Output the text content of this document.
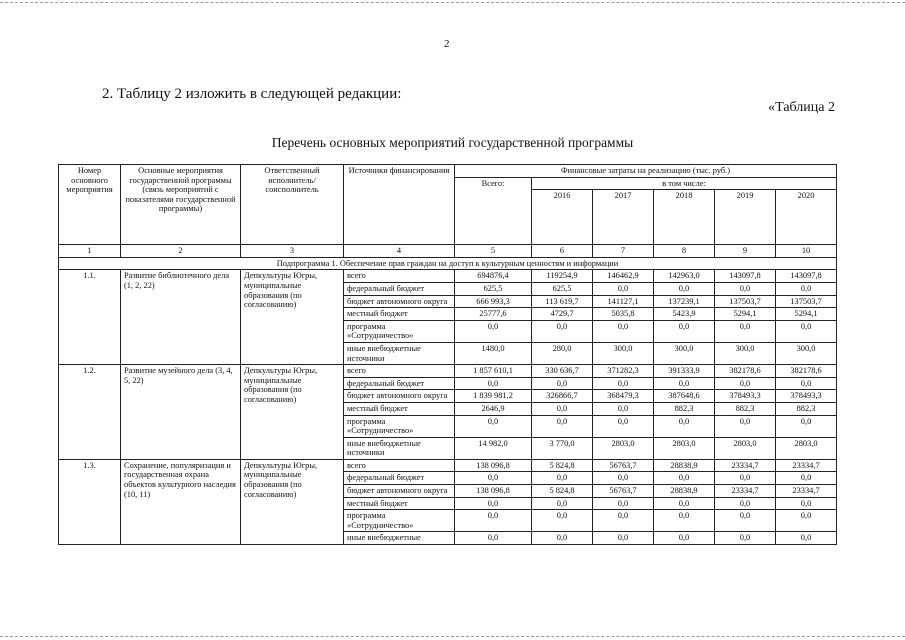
2
2. Таблицу 2 изложить в следующей редакции:
«Таблица 2
Перечень основных мероприятий государственной программы
Номер основного мероприятия	Основные мероприятия государственной программы (связь мероприятий с показателями государственной программы)	Ответственный исполнитель/соисполнитель	Источники финансирования	Финансовые затраты на реализацию (тыс. руб.)					
				Всего:	в том числе:				
					2016	2017	2018	2019	2020
1	2	3	4	5	6	7	8	9	10
Подпрограмма 1. Обеспечение прав граждан на доступ к культурным ценностям и информации									
1.1.	Развитие библиотечного дела (1, 2, 22)	Депкультуры Югры, муниципальные образования (по согласованию)	всего	694876,4	119254,9	146462,9	142963,0	143097,8	143097,8
			федеральный бюджет	625,5	625,5	0,0	0,0	0,0	0,0
			бюджет автономного округа	666 993,3	113 619,7	141127,1	137239,1	137503,7	137503,7
			местный бюджет	25777,6	4729,7	5035,8	5423,9	5294,1	5294,1
			программа «Сотрудничество»	0,0	0,0	0,0	0,0	0,0	0,0
			иные внебюджетные источники	1480,0	280,0	300,0	300,0	300,0	300,0
1.2.	Развитие музейного дела (3, 4, 5, 22)	Депкультуры Югры, муниципальные образования (по согласованию)	всего	1 857 610,1	330 636,7	371282,3	391333,9	382178,6	382178,6
			федеральный бюджет	0,0	0,0	0,0	0,0	0,0	0,0
			бюджет автономного округа	1 839 981,2	326866,7	368479,3	387648,6	378493,3	378493,3
			местный бюджет	2646,9	0,0	0,0	882,3	882,3	882,3
			программа «Сотрудничество»	0,0	0,0	0,0	0,0	0,0	0,0
			иные внебюджетные источники	14 982,0	3 770,0	2803,0	2803,0	2803,0	2803,0
1.3.	Сохранение, популяризация и государственная охрана объектов культурного наследия (10, 11)	Депкультуры Югры, муниципальные образования (по согласованию)	всего	138 096,8	5 824,8	56763,7	28838,9	23334,7	23334,7
			федеральный бюджет	0,0	0,0	0,0	0,0	0,0	0,0
			бюджет автономного округа	138 096,8	5 824,8	56763,7	28838,9	23334,7	23334,7
			местный бюджет	0,0	0,0	0,0	0,0	0,0	0,0
			программа «Сотрудничество»	0,0	0,0	0,0	0,0	0,0	0,0
			иные внебюджетные	0,0	0,0	0,0	0,0	0,0	0,0
